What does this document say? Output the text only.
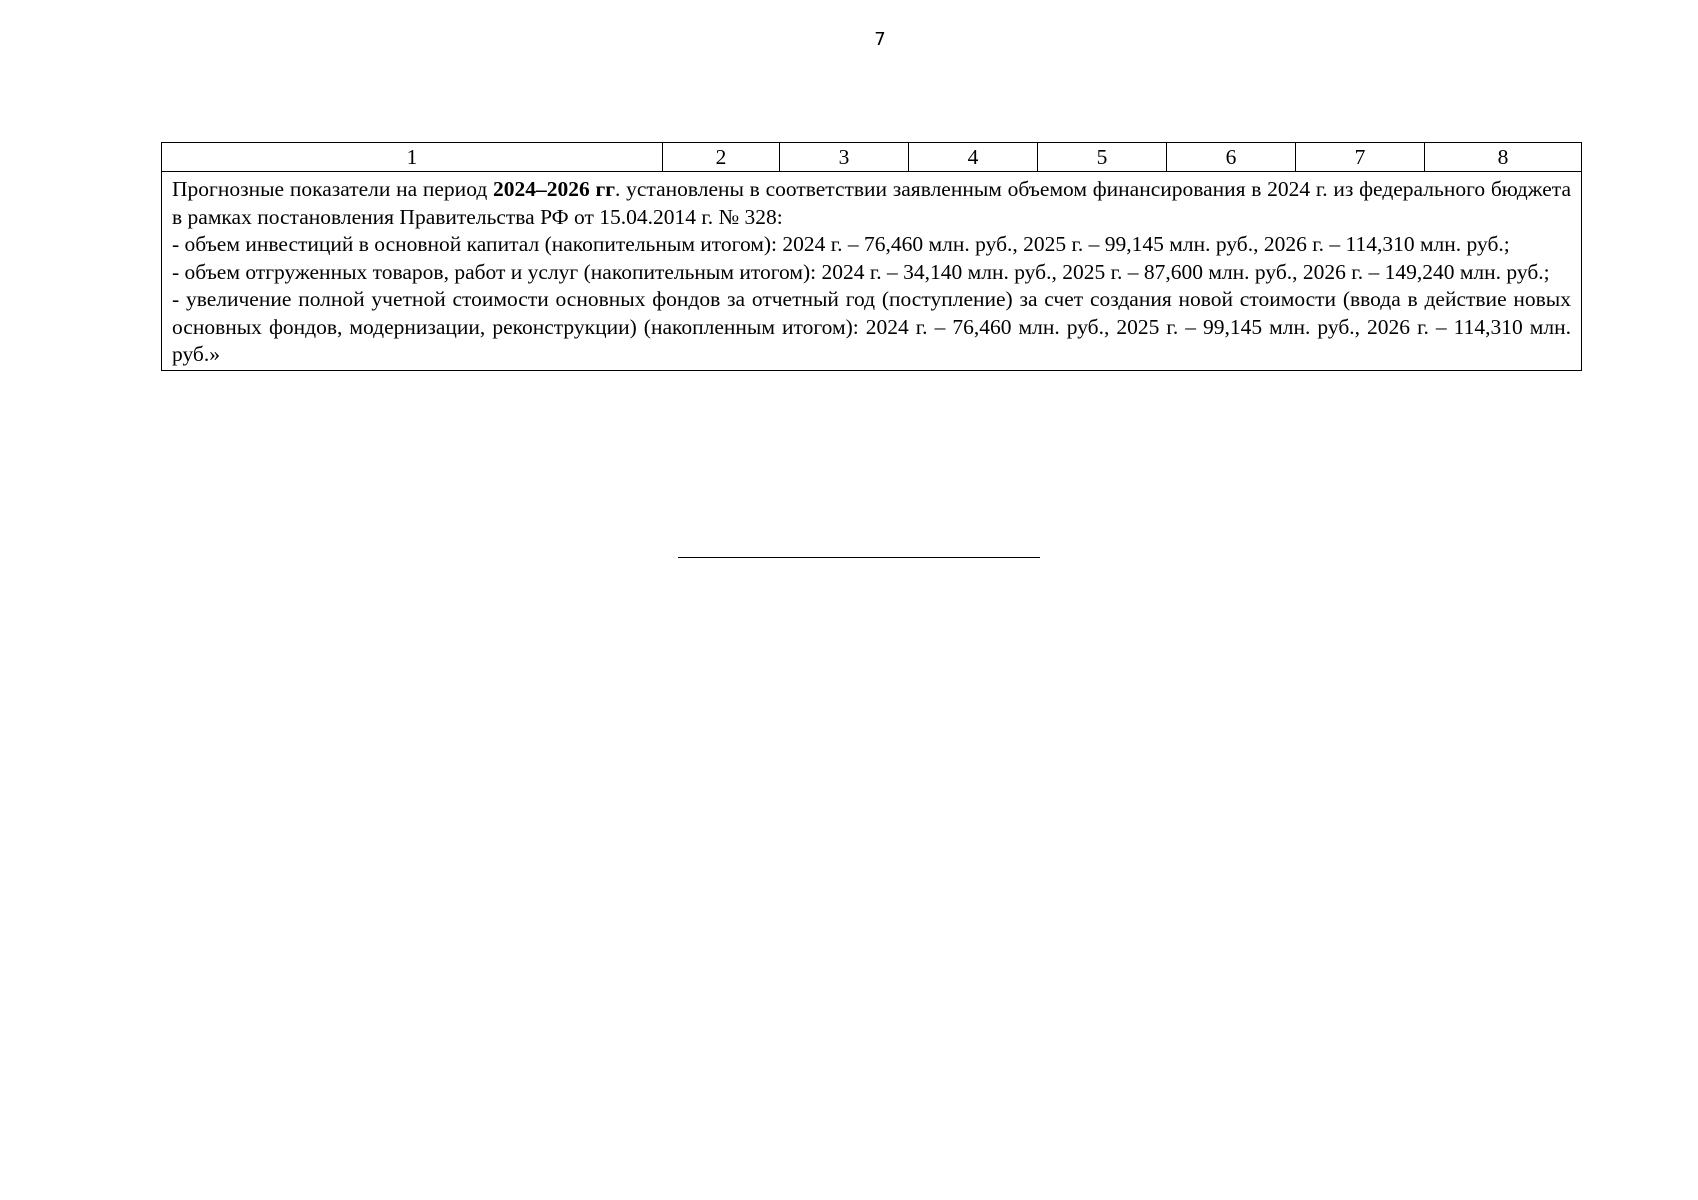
7
1	2	3	4	5	6	7	8

Прогнозные показатели на период 2024–2026 гг. установлены в соответствии заявленным объемом финансирования в 2024 г. из федерального бюджета в рамках постановления Правительства РФ от 15.04.2014 г. № 328:

- объем инвестиций в основной капитал (накопительным итогом): 2024 г. – 76,460 млн. руб., 2025 г. – 99,145 млн. руб., 2026 г. – 114,310 млн. руб.;

- объем отгруженных товаров, работ и услуг (накопительным итогом): 2024 г. – 34,140 млн. руб., 2025 г. – 87,600 млн. руб., 2026 г. – 149,240 млн. руб.;

- увеличение полной учетной стоимости основных фондов за отчетный год (поступление) за счет создания новой стоимости (ввода в действие новых основных фондов, модернизации, реконструкции) (накопленным итогом): 2024 г. – 76,460 млн. руб., 2025 г. – 99,145 млн. руб., 2026 г. – 114,310 млн. руб.»
